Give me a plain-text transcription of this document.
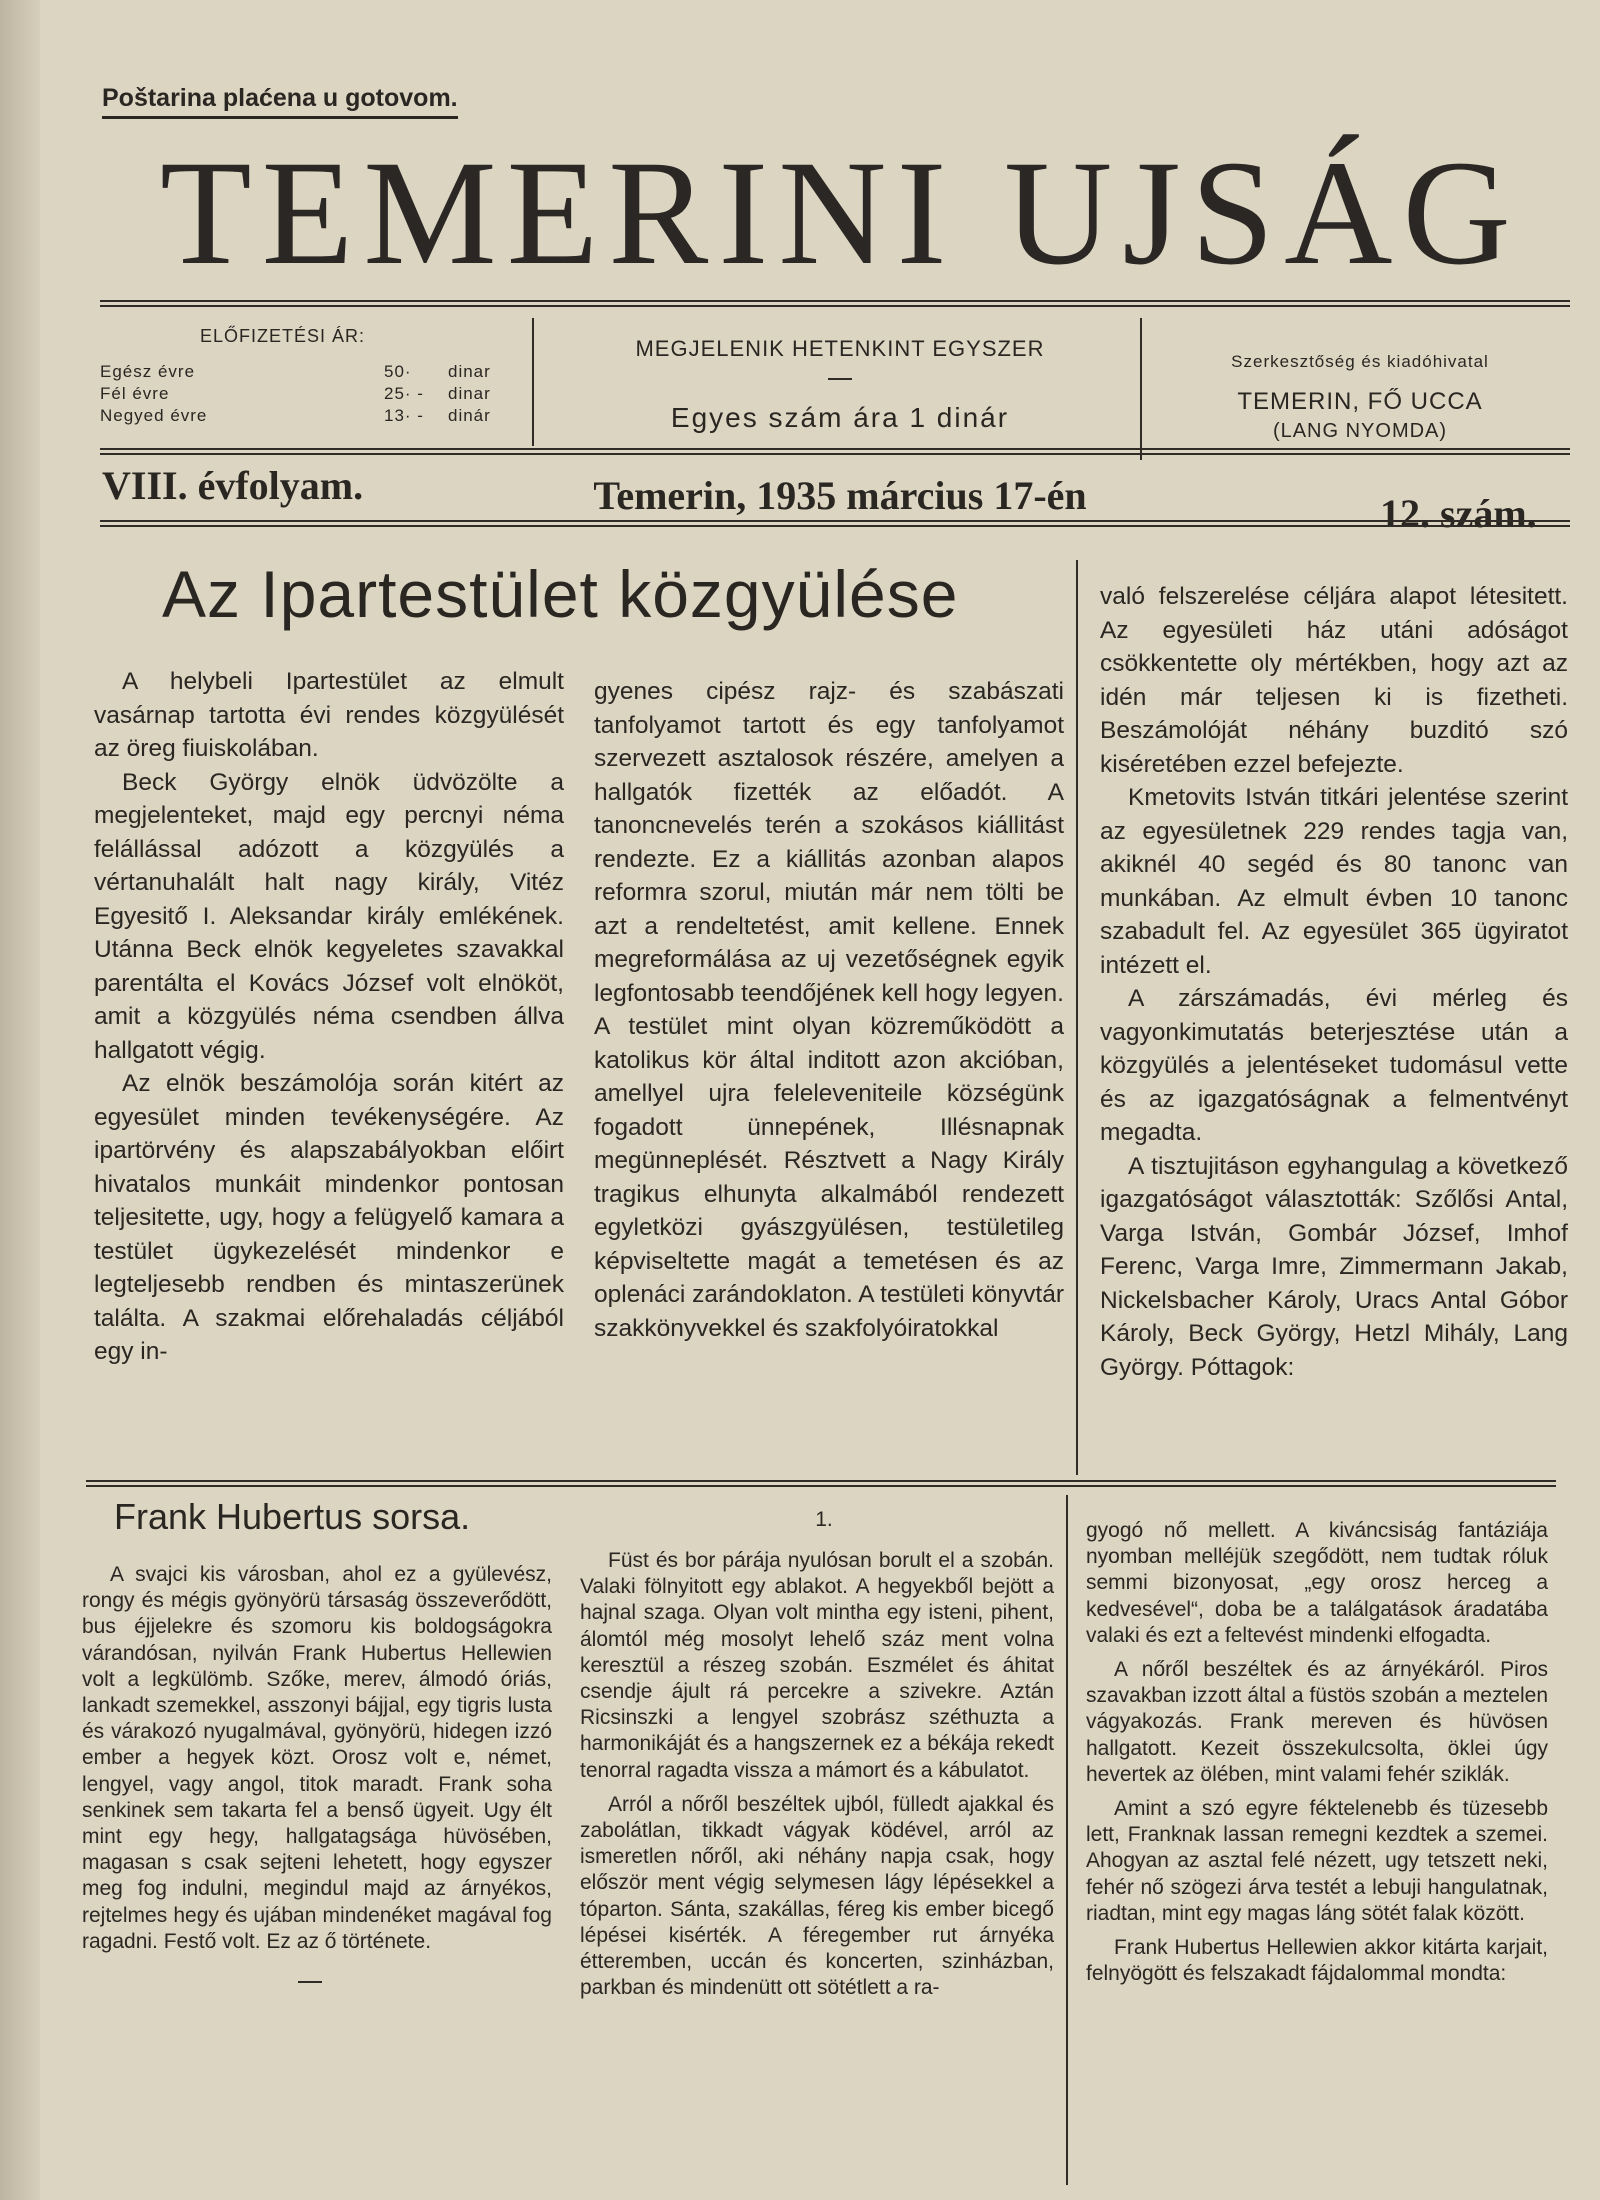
Poštarina plaćena u gotovom.
TEMERINI UJSÁG
ELŐFIZETÉSI ÁR:
Egész évre	50· dinar
Fél évre	25· - dinar
Negyed évre	13· - dinár
MEGJELENIK HETENKINT EGYSZER
Egyes szám ára 1 dinár
Szerkesztőség és kiadóhivatal
TEMERIN, FŐ UCCA
(LANG NYOMDA)
VIII. évfolyam.	Temerin, 1935 március 17-én	12. szám.
Az Ipartestület közgyülése

A helybeli Ipartestület az elmult vasárnap tartotta évi rendes közgyülését az öreg fiuiskolában.

Beck György elnök üdvözölte a megjelenteket, majd egy percnyi néma felállással adózott a közgyülés a vértanuhalált halt nagy király, Vitéz Egyesitő I. Aleksandar király emlékének. Utánna Beck elnök kegyeletes szavakkal parentálta el Kovács József volt elnököt, amit a közgyülés néma csendben állva hallgatott végig.

Az elnök beszámolója során kitért az egyesület minden tevékenységére. Az ipartörvény és alapszabályokban előirt hivatalos munkáit mindenkor pontosan teljesitette, ugy, hogy a felügyelő kamara a testület ügykezelését mindenkor e legteljesebb rendben és mintaszerünek találta. A szakmai előrehaladás céljából egy in-

gyenes cipész rajz- és szabászati tanfolyamot tartott és egy tanfolyamot szervezett asztalosok részére, amelyen a hallgatók fizették az előadót. A tanoncnevelés terén a szokásos kiállitást rendezte. Ez a kiállitás azonban alapos reformra szorul, miután már nem tölti be azt a rendeltetést, amit kellene. Ennek megreformálása az uj vezetőségnek egyik legfontosabb teendőjének kell hogy legyen. A testület mint olyan közreműködött a katolikus kör által inditott azon akcióban, amellyel ujra feleleveniteile községünk fogadott ünnepének, Illésnapnak megünneplését. Résztvett a Nagy Király tragikus elhunyta alkalmából rendezett egyletközi gyászgyülésen, testületileg képviseltette magát a temetésen és az oplenáci zarándoklaton. A testületi könyvtár szakkönyvekkel és szakfolyóiratokkal

való felszerelése céljára alapot létesitett. Az egyesületi ház utáni adóságot csökkentette oly mértékben, hogy azt az idén már teljesen ki is fizetheti. Beszámolóját néhány buzditó szó kiséretében ezzel befejezte.

Kmetovits István titkári jelentése szerint az egyesületnek 229 rendes tagja van, akiknél 40 segéd és 80 tanonc van munkában. Az elmult évben 10 tanonc szabadult fel. Az egyesület 365 ügyiratot intézett el.

A zárszámadás, évi mérleg és vagyonkimutatás beterjesztése után a közgyülés a jelentéseket tudomásul vette és az igazgatóságnak a felmentvényt megadta.

A tisztujitáson egyhangulag a következő igazgatóságot választották: Szőlősi Antal, Varga István, Gombár József, Imhof Ferenc, Varga Imre, Zimmermann Jakab, Nickelsbacher Károly, Uracs Antal Góbor Károly, Beck György, Hetzl Mihály, Lang György. Póttagok:

Frank Hubertus sorsa.

A svajci kis városban, ahol ez a gyülevész, rongy és mégis gyönyörü társaság összeverődött, bus éjjelekre és szomoru kis boldogságokra várandósan, nyilván Frank Hubertus Hellewien volt a legkülömb. Szőke, merev, álmodó óriás, lankadt szemekkel, asszonyi bájjal, egy tigris lusta és várakozó nyugalmával, gyönyörü, hidegen izzó ember a hegyek közt. Orosz volt e, német, lengyel, vagy angol, titok maradt. Frank soha senkinek sem takarta fel a benső ügyeit. Ugy élt mint egy hegy, hallgatagsága hüvösében, magasan s csak sejteni lehetett, hogy egyszer meg fog indulni, megindul majd az árnyékos, rejtelmes hegy és ujában mindenéket magával fog ragadni. Festő volt. Ez az ő története.

1.

Füst és bor párája nyulósan borult el a szobán. Valaki fölnyitott egy ablakot. A hegyekből bejött a hajnal szaga. Olyan volt mintha egy isteni, pihent, álomtól még mosolyt lehelő száz ment volna keresztül a részeg szobán. Eszmélet és áhitat csendje ájult rá percekre a szivekre. Aztán Ricsinszki a lengyel szobrász széthuzta a harmonikáját és a hangszernek ez a békája rekedt tenorral ragadta vissza a mámort és a kábulatot.

Arról a nőről beszéltek ujból, fülledt ajakkal és zabolátlan, tikkadt vágyak ködével, arról az ismeretlen nőről, aki néhány napja csak, hogy először ment végig selymesen lágy lépésekkel a tóparton. Sánta, szakállas, féreg kis ember bicegő lépései kisérték. A féregember rut árnyéka étteremben, uccán és koncerten, szinházban, parkban és mindenütt ott sötétlett a ra-

gyogó nő mellett. A kiváncsiság fantáziája nyomban melléjük szegődött, nem tudtak róluk semmi bizonyosat, „egy orosz herceg a kedvesével“, doba be a találgatások áradatába valaki és ezt a feltevést mindenki elfogadta.

A nőről beszéltek és az árnyékáról. Piros szavakban izzott által a füstös szobán a meztelen vágyakozás. Frank mereven és hüvösen hallgatott. Kezeit összekulcsolta, öklei úgy hevertek az ölében, mint valami fehér sziklák.

Amint a szó egyre féktelenebb és tüzesebb lett, Franknak lassan remegni kezdtek a szemei. Ahogyan az asztal felé nézett, ugy tetszett neki, fehér nő szögezi árva testét a lebuji hangulatnak, riadtan, mint egy magas láng sötét falak között.

Frank Hubertus Hellewien akkor kitárta karjait, felnyögött és felszakadt fájdalommal mondta:
